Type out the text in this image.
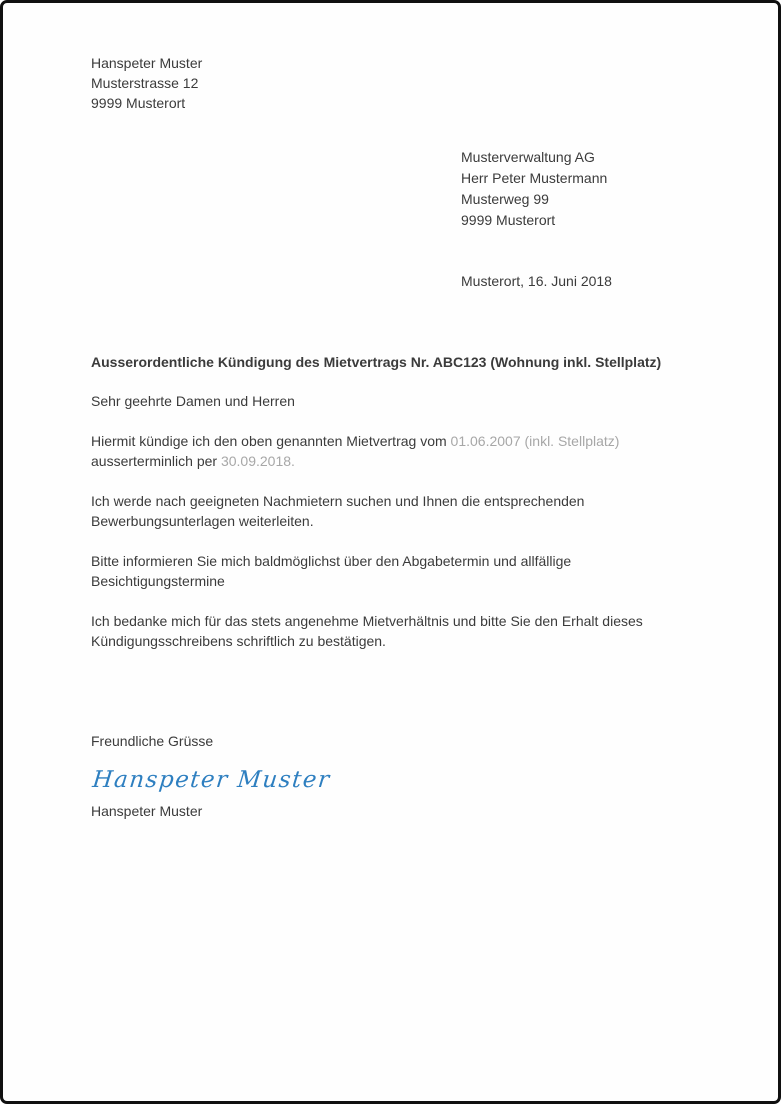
Hanspeter Muster
Musterstrasse 12
9999 Musterort
Musterverwaltung AG
Herr Peter Mustermann
Musterweg 99
9999 Musterort
Musterort, 16. Juni 2018
Ausserordentliche Kündigung des Mietvertrags Nr. ABC123 (Wohnung inkl. Stellplatz)
Sehr geehrte Damen und Herren
Hiermit kündige ich den oben genannten Mietvertrag vom 01.06.2007 (inkl. Stellplatz)
ausserterminlich per 30.09.2018.
Ich werde nach geeigneten Nachmietern suchen und Ihnen die entsprechenden
Bewerbungsunterlagen weiterleiten.
Bitte informieren Sie mich baldmöglichst über den Abgabetermin und allfällige
Besichtigungstermine
Ich bedanke mich für das stets angenehme Mietverhältnis und bitte Sie den Erhalt dieses
Kündigungsschreibens schriftlich zu bestätigen.
Freundliche Grüsse
Hanspeter Muster
Hanspeter Muster
